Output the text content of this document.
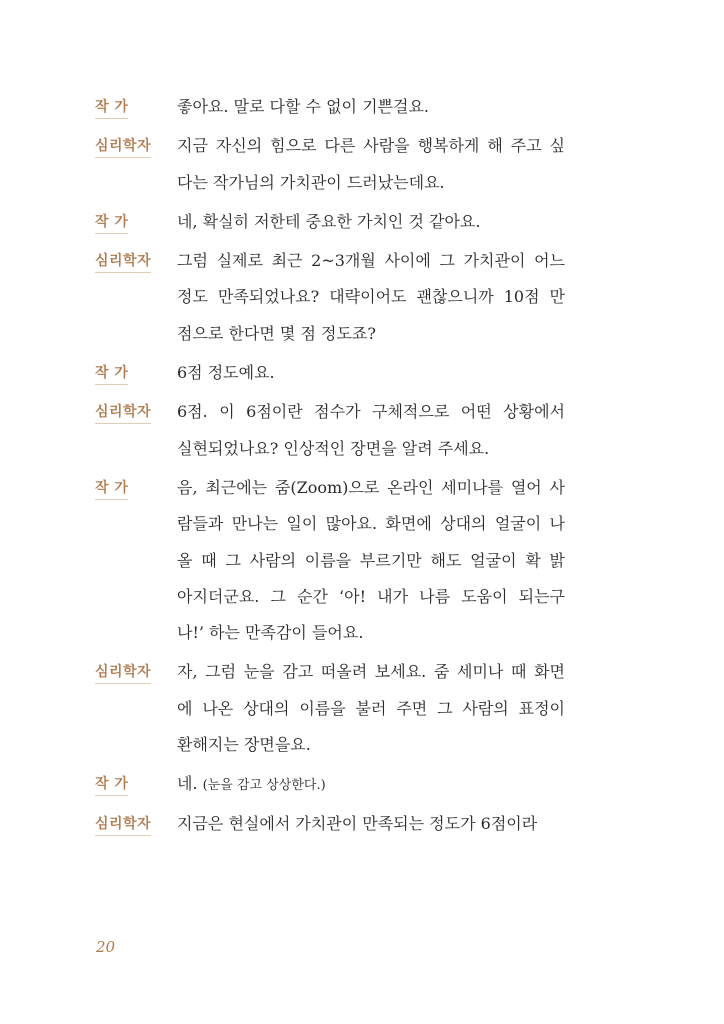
작 가	좋아요. 말로 다할 수 없이 기쁜걸요.
심리학자	지금 자신의 힘으로 다른 사람을 행복하게 해 주고 싶
다는 작가님의 가치관이 드러났는데요.
작 가	네, 확실히 저한테 중요한 가치인 것 같아요.
심리학자	그럼 실제로 최근 2~3개월 사이에 그 가치관이 어느
정도 만족되었나요? 대략이어도 괜찮으니까 10점 만
점으로 한다면 몇 점 정도죠?
작 가	6점 정도예요.
심리학자	6점. 이 6점이란 점수가 구체적으로 어떤 상황에서
실현되었나요? 인상적인 장면을 알려 주세요.
작 가	음, 최근에는 줌(Zoom)으로 온라인 세미나를 열어 사
람들과 만나는 일이 많아요. 화면에 상대의 얼굴이 나
올 때 그 사람의 이름을 부르기만 해도 얼굴이 확 밝
아지더군요. 그 순간 ‘아! 내가 나름 도움이 되는구
나!’ 하는 만족감이 들어요.
심리학자	자, 그럼 눈을 감고 떠올려 보세요. 줌 세미나 때 화면
에 나온 상대의 이름을 불러 주면 그 사람의 표정이
환해지는 장면을요.
작 가	네. (눈을 감고 상상한다.)
심리학자	지금은 현실에서 가치관이 만족되는 정도가 6점이라
20
